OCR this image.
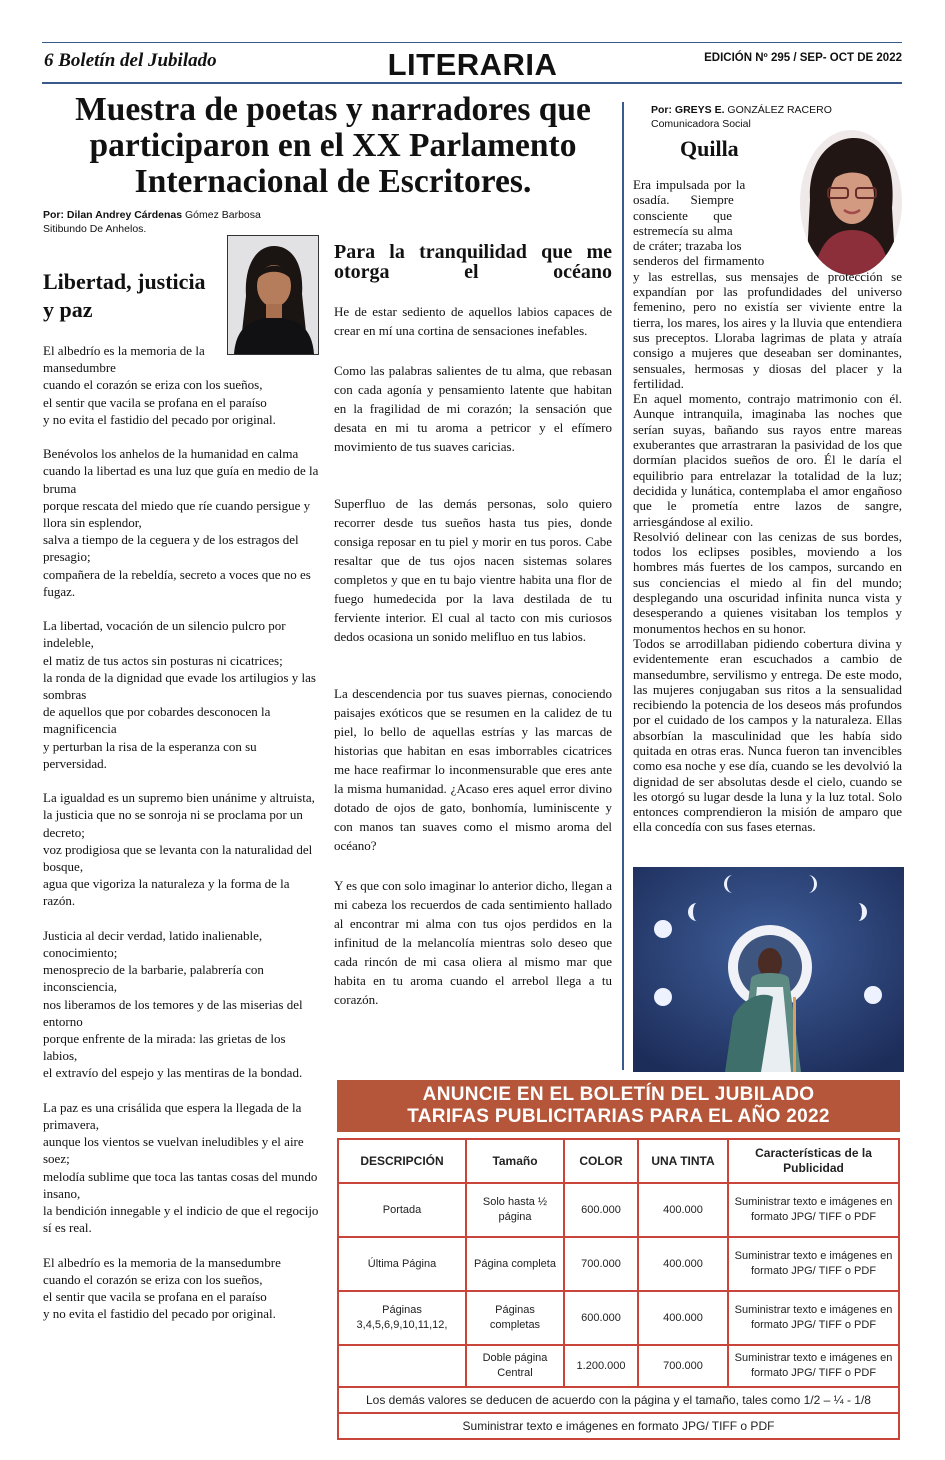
6 Boletín del Jubilado	LITERARIA	EDICIÓN Nº 295 / SEP- OCT DE 2022
Muestra de poetas y narradores que participaron en el XX Parlamento Internacional de Escritores.
Por: Dilan Andrey Cárdenas Gómez Barbosa
Sitibundo De Anhelos.
Libertad, justicia
y paz

El albedrío es la memoria de la mansedumbre
cuando el corazón se eriza con los sueños,
el sentir que vacila se profana en el paraíso
y no evita el fastidio del pecado por original.

Benévolos los anhelos de la humanidad en calma
cuando la libertad es una luz que guía en medio de la bruma
porque rescata del miedo que ríe cuando persigue y llora sin esplendor,
salva a tiempo de la ceguera y de los estragos del presagio;
compañera de la rebeldía, secreto a voces que no es fugaz.

La libertad, vocación de un silencio pulcro por indeleble,
el matiz de tus actos sin posturas ni cicatrices;
la ronda de la dignidad que evade los artilugios y las sombras
de aquellos que por cobardes desconocen la magnificencia
y perturban la risa de la esperanza con su perversidad.

La igualdad es un supremo bien unánime y altruista,
la justicia que no se sonroja ni se proclama por un decreto;
voz prodigiosa que se levanta con la naturalidad del bosque,
agua que vigoriza la naturaleza y la forma de la razón.

Justicia al decir verdad, latido inalienable, conocimiento;
menosprecio de la barbarie, palabrería con inconsciencia,
nos liberamos de los temores y de las miserias del entorno
porque enfrente de la mirada: las grietas de los labios,
el extravío del espejo y las mentiras de la bondad.

La paz es una crisálida que espera la llegada de la primavera,
aunque los vientos se vuelvan ineludibles y el aire soez;
melodía sublime que toca las tantas cosas del mundo insano,
la bendición innegable y el indicio de que el regocijo sí es real.

El albedrío es la memoria de la mansedumbre
cuando el corazón se eriza con los sueños,
el sentir que vacila se profana en el paraíso
y no evita el fastidio del pecado por original.

Para la tranquilidad que me otorga el océano

He de estar sediento de aquellos labios capaces de crear en mí una cortina de sensaciones inefables.

Como las palabras salientes de tu alma, que rebasan con cada agonía y pensamiento latente que habitan en la fragilidad de mi corazón; la sensación que desata en mi tu aroma a petricor y el efímero movimiento de tus suaves caricias.

Superfluo de las demás personas, solo quiero recorrer desde tus sueños hasta tus pies, donde consiga reposar en tu piel y morir en tus poros. Cabe resaltar que de tus ojos nacen sistemas solares completos y que en tu bajo vientre habita una flor de fuego humedecida por la lava destilada de tu ferviente interior. El cual al tacto con mis curiosos dedos ocasiona un sonido melifluo en tus labios.

La descendencia por tus suaves piernas, conociendo paisajes exóticos que se resumen en la calidez de tu piel, lo bello de aquellas estrías y las marcas de historias que habitan en esas imborrables cicatrices me hace reafirmar lo inconmensurable que eres ante la misma humanidad. ¿Acaso eres aquel error divino dotado de ojos de gato, bonhomía, luminiscente y con manos tan suaves como el mismo aroma del océano?

Y es que con solo imaginar lo anterior dicho, llegan a mi cabeza los recuerdos de cada sentimiento hallado al encontrar mi alma con tus ojos perdidos en la infinitud de la melancolía mientras solo deseo que cada rincón de mi casa oliera al mismo mar que habita en tu aroma cuando el arrebol llega a tu corazón.

Por: GREYS E. GONZÁLEZ RACERO
Comunicadora Social
Quilla

Era impulsada por la osadía. Siempre consciente que estremecía su alma de cráter; trazaba los senderos del firmamento y las estrellas, sus mensajes de protección se expandían por las profundidades del universo femenino, pero no existía ser viviente entre la tierra, los mares, los aires y la lluvia que entendiera sus preceptos. Lloraba lagrimas de plata y atraía consigo a mujeres que deseaban ser dominantes, sensuales, hermosas y diosas del placer y la fertilidad.

En aquel momento, contrajo matrimonio con él. Aunque intranquila, imaginaba las noches que serían suyas, bañando sus rayos entre mareas exuberantes que arrastraran la pasividad de los que dormían placidos sueños de oro. Él le daría el equilibrio para entrelazar la totalidad de la luz; decidida y lunática, contemplaba el amor engañoso que le prometía entre lazos de sangre, arriesgándose al exilio.

Resolvió delinear con las cenizas de sus bordes, todos los eclipses posibles, moviendo a los hombres más fuertes de los campos, surcando en sus conciencias el miedo al fin del mundo; desplegando una oscuridad infinita nunca vista y desesperando a quienes visitaban los templos y monumentos hechos en su honor.

Todos se arrodillaban pidiendo cobertura divina y evidentemente eran escuchados a cambio de mansedumbre, servilismo y entrega. De este modo, las mujeres conjugaban sus ritos a la sensualidad recibiendo la potencia de los deseos más profundos por el cuidado de los campos y la naturaleza. Ellas absorbían la masculinidad que les había sido quitada en otras eras. Nunca fueron tan invencibles como esa noche y ese día, cuando se les devolvió la dignidad de ser absolutas desde el cielo, cuando se les otorgó su lugar desde la luna y la luz total. Solo entonces comprendieron la misión de amparo que ella concedía con sus fases eternas.

ANUNCIE EN EL BOLETÍN DEL JUBILADO
TARIFAS PUBLICITARIAS PARA EL AÑO 2022
DESCRIPCIÓN	Tamaño	COLOR	UNA TINTA	Características de la Publicidad
Portada	Solo hasta ½ página	600.000	400.000	Suministrar texto e imágenes en formato JPG/ TIFF o PDF
Última Página	Página completa	700.000	400.000	Suministrar texto e imágenes en formato JPG/ TIFF o PDF
Páginas 3,4,5,6,9,10,11,12,	Páginas completas	600.000	400.000	Suministrar texto e imágenes en formato JPG/ TIFF o PDF
	Doble página Central	1.200.000	700.000	Suministrar texto e imágenes en formato JPG/ TIFF o PDF
Los demás valores se deducen de acuerdo con la página y el tamaño, tales como 1/2 – ¼ - 1/8				
Suministrar texto e imágenes en formato JPG/ TIFF o PDF				
